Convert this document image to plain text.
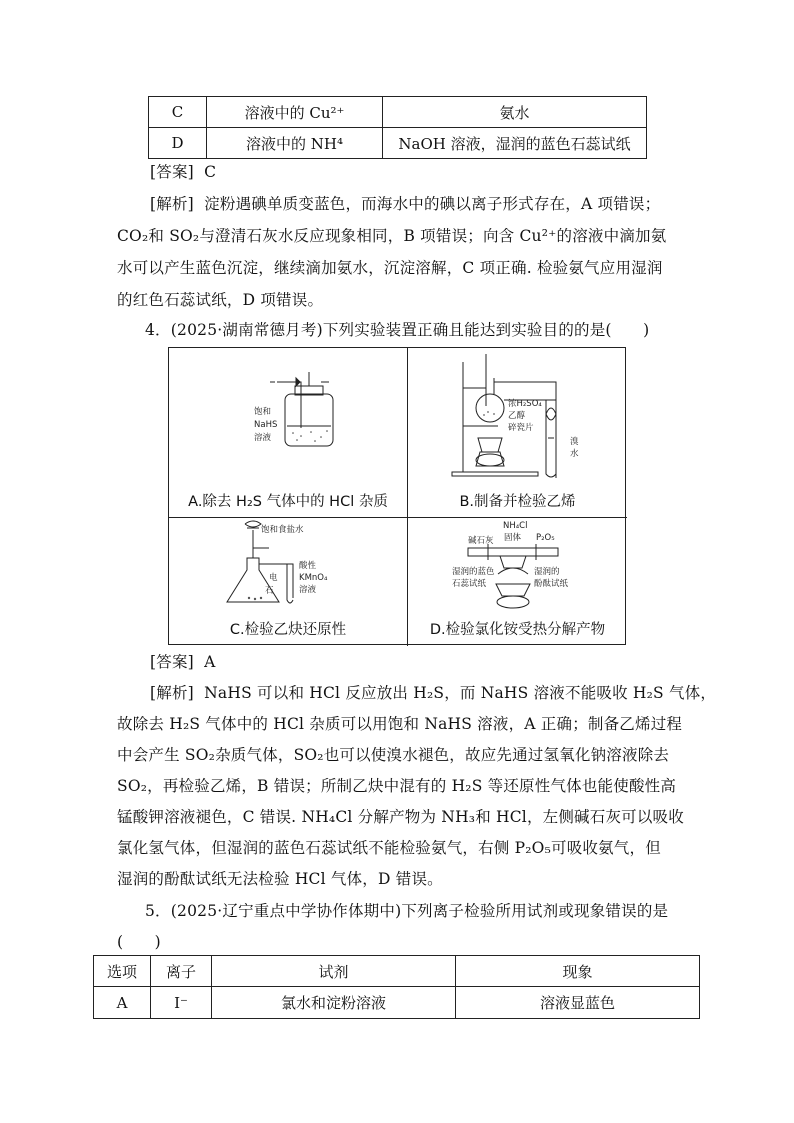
C	溶液中的 Cu²⁺	氨水
D	溶液中的 NH⁴	NaOH 溶液，湿润的蓝色石蕊试纸
[答案] C
[解析] 淀粉遇碘单质变蓝色，而海水中的碘以离子形式存在，A 项错误；
CO₂和 SO₂与澄清石灰水反应现象相同，B 项错误；向含 Cu²⁺的溶液中滴加氨
水可以产生蓝色沉淀，继续滴加氨水，沉淀溶解，C 项正确. 检验氨气应用湿润
的红色石蕊试纸，D 项错误。
4．(2025·湖南常德月考)下列实验装置正确且能达到实验目的的是(　　)
饱和
NaHS
溶液
A.除去 H₂S 气体中的 HCl 杂质
浓H₂SO₄
乙醇
碎瓷片
溴
水
B.制备并检验乙烯
饱和食盐水
电
石
酸性
KMnO₄
溶液
C.检验乙炔还原性
NH₄Cl
固体
碱石灰	P₂O₅
湿润的蓝色
石蕊试纸
湿润的
酚酞试纸
D.检验氯化铵受热分解产物
[答案] A
[解析] NaHS 可以和 HCl 反应放出 H₂S，而 NaHS 溶液不能吸收 H₂S 气体，
故除去 H₂S 气体中的 HCl 杂质可以用饱和 NaHS 溶液，A 正确；制备乙烯过程
中会产生 SO₂杂质气体，SO₂也可以使溴水褪色，故应先通过氢氧化钠溶液除去
SO₂，再检验乙烯，B 错误；所制乙炔中混有的 H₂S 等还原性气体也能使酸性高
锰酸钾溶液褪色，C 错误. NH₄Cl 分解产物为 NH₃和 HCl，左侧碱石灰可以吸收
氯化氢气体，但湿润的蓝色石蕊试纸不能检验氨气，右侧 P₂O₅可吸收氨气，但
湿润的酚酞试纸无法检验 HCl 气体，D 错误。
5．(2025·辽宁重点中学协作体期中)下列离子检验所用试剂或现象错误的是
(　　)
选项	离子	试剂	现象
A	I⁻	氯水和淀粉溶液	溶液显蓝色
